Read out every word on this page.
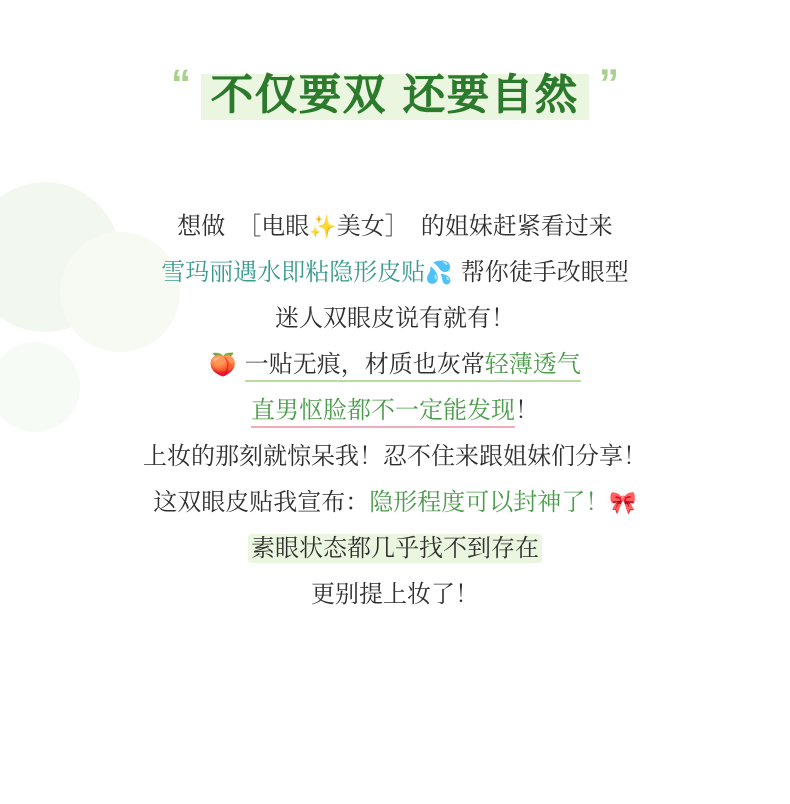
“ 不仅要双 还要自然 ”
想做　［电眼✨美女］　的姐妹赶紧看过来
雪玛丽遇水即粘隐形皮贴💦 帮你徒手改眼型
迷人双眼皮说有就有！
🍑 一贴无痕，材质也灰常轻薄透气
直男怄脸都不一定能发现！
上妆的那刻就惊呆我！忍不住来跟姐妹们分享！
这双眼皮贴我宣布：隐形程度可以封神了！🎀
素眼状态都几乎找不到存在
更别提上妆了！
